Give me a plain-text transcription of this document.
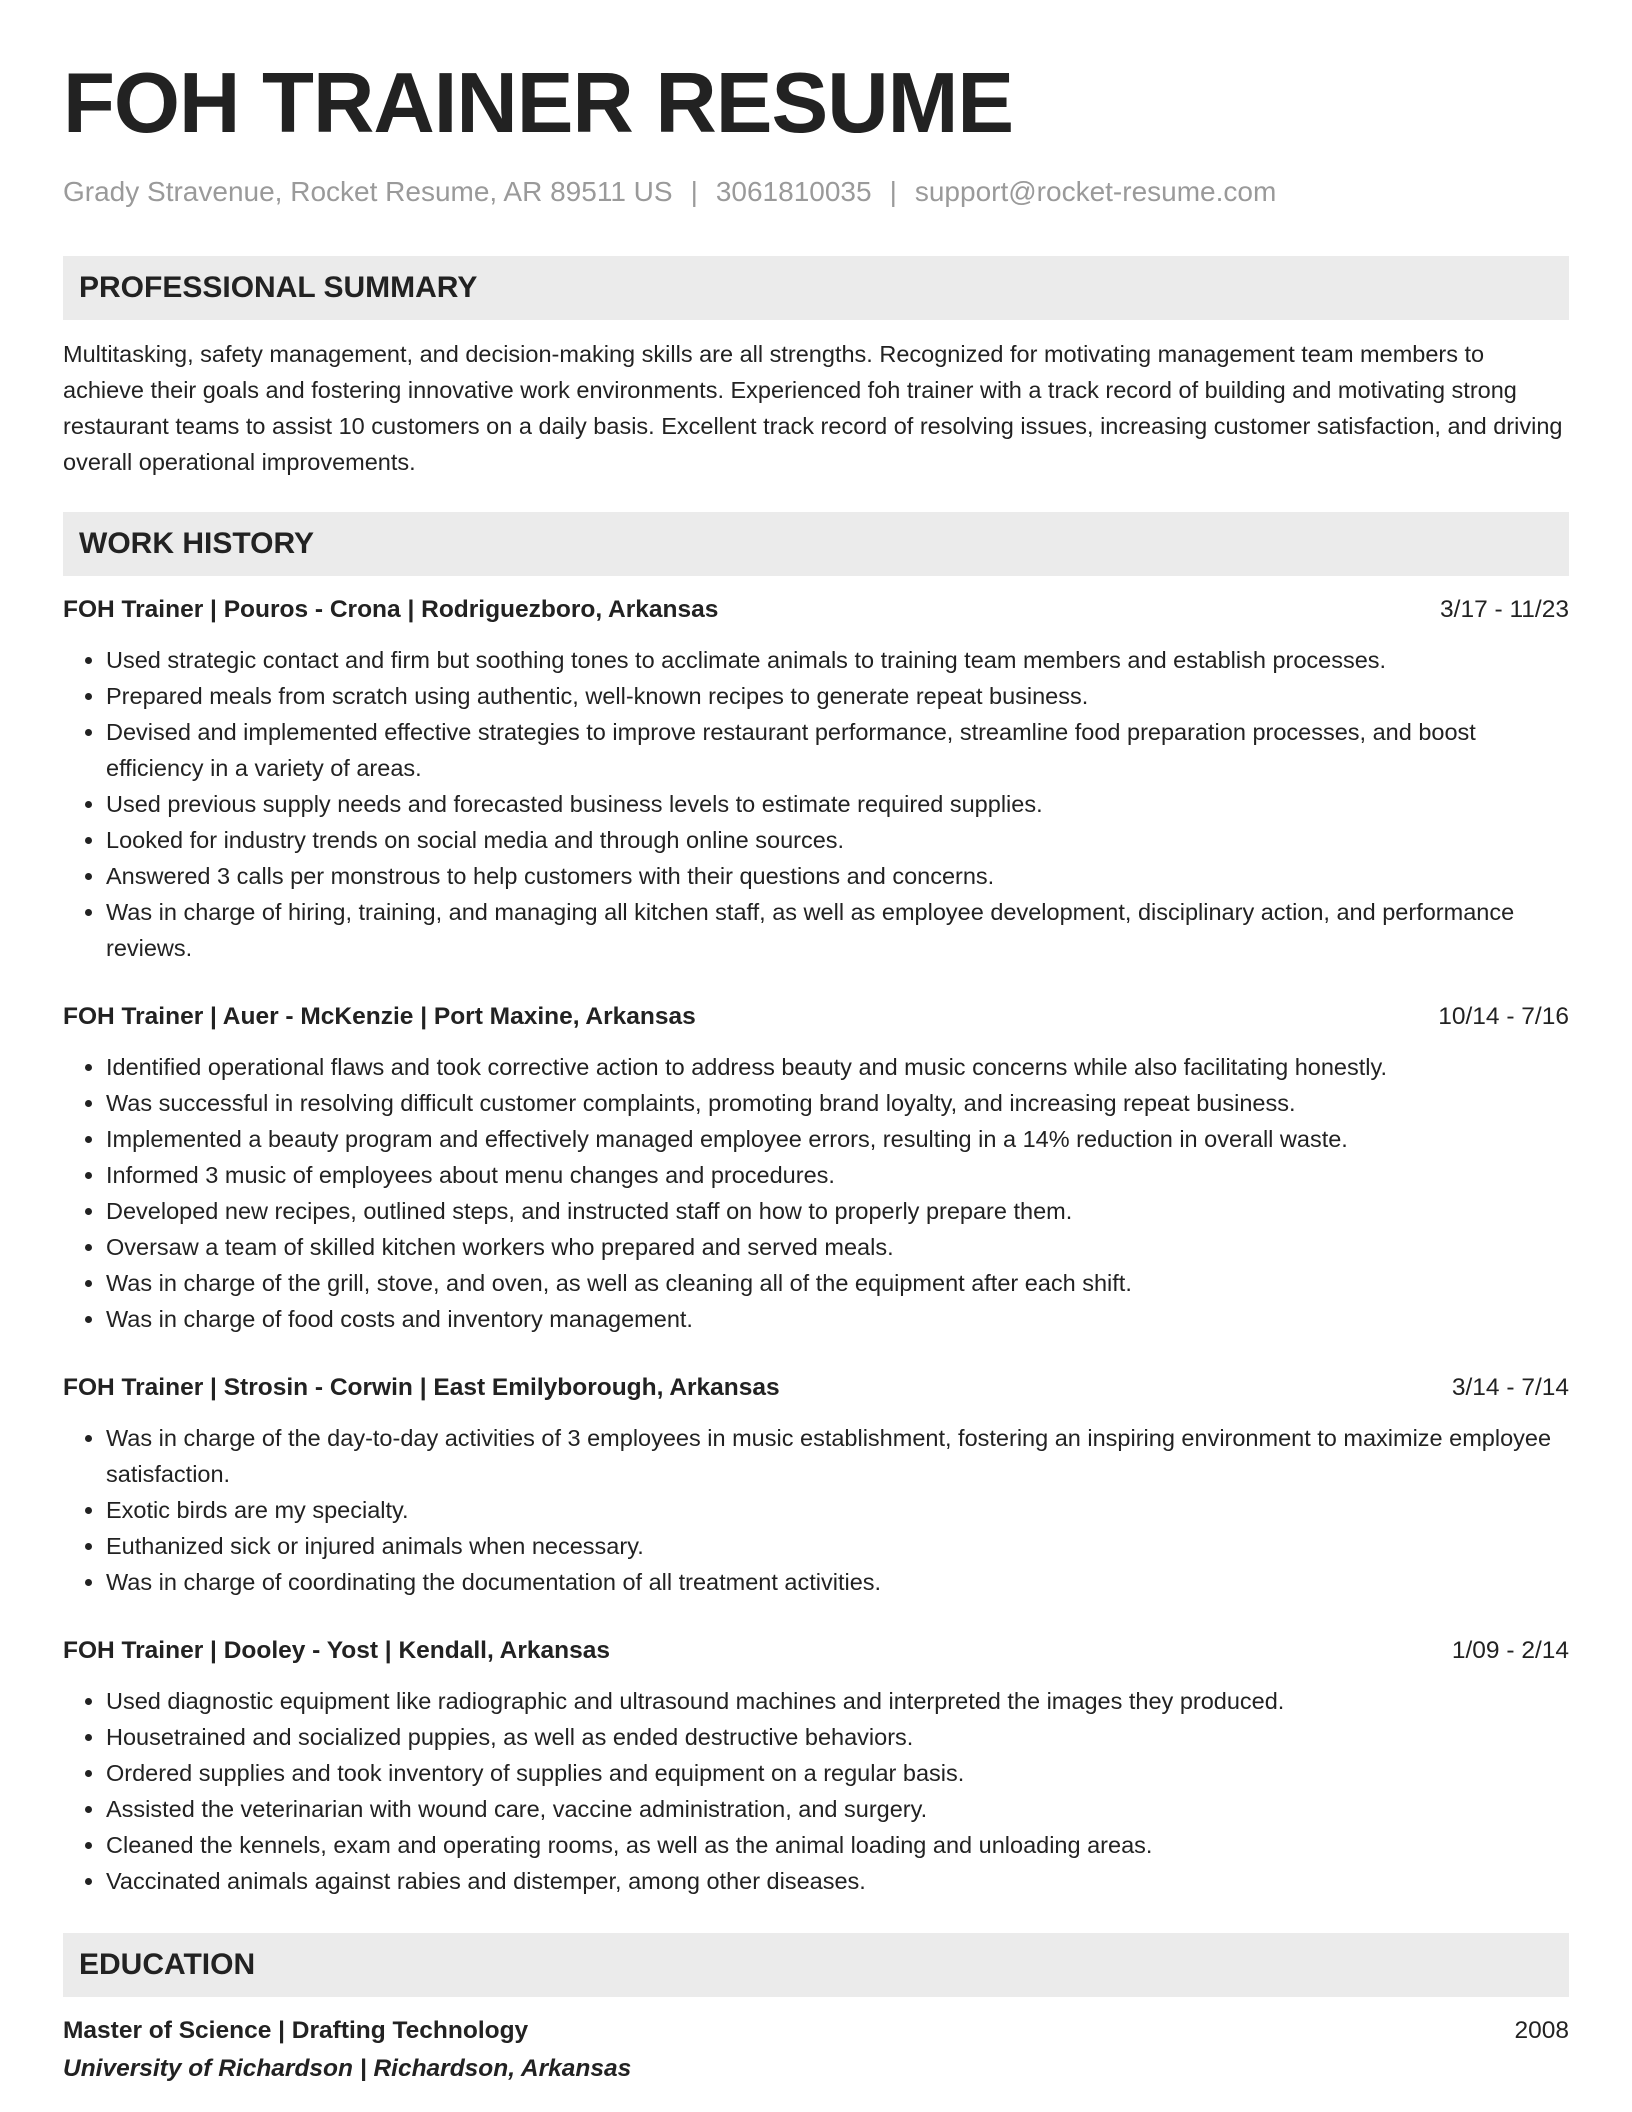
FOH TRAINER RESUME
Grady Stravenue, Rocket Resume, AR 89511 US | 3061810035 | support@rocket-resume.com
PROFESSIONAL SUMMARY
Multitasking, safety management, and decision-making skills are all strengths. Recognized for motivating management team members to achieve their goals and fostering innovative work environments. Experienced foh trainer with a track record of building and motivating strong restaurant teams to assist 10 customers on a daily basis. Excellent track record of resolving issues, increasing customer satisfaction, and driving overall operational improvements.
WORK HISTORY
FOH Trainer | Pouros - Crona | Rodriguezboro, Arkansas	3/17 - 11/23
• Used strategic contact and firm but soothing tones to acclimate animals to training team members and establish processes.
• Prepared meals from scratch using authentic, well-known recipes to generate repeat business.
• Devised and implemented effective strategies to improve restaurant performance, streamline food preparation processes, and boost efficiency in a variety of areas.
• Used previous supply needs and forecasted business levels to estimate required supplies.
• Looked for industry trends on social media and through online sources.
• Answered 3 calls per monstrous to help customers with their questions and concerns.
• Was in charge of hiring, training, and managing all kitchen staff, as well as employee development, disciplinary action, and performance reviews.
FOH Trainer | Auer - McKenzie | Port Maxine, Arkansas	10/14 - 7/16
• Identified operational flaws and took corrective action to address beauty and music concerns while also facilitating honestly.
• Was successful in resolving difficult customer complaints, promoting brand loyalty, and increasing repeat business.
• Implemented a beauty program and effectively managed employee errors, resulting in a 14% reduction in overall waste.
• Informed 3 music of employees about menu changes and procedures.
• Developed new recipes, outlined steps, and instructed staff on how to properly prepare them.
• Oversaw a team of skilled kitchen workers who prepared and served meals.
• Was in charge of the grill, stove, and oven, as well as cleaning all of the equipment after each shift.
• Was in charge of food costs and inventory management.
FOH Trainer | Strosin - Corwin | East Emilyborough, Arkansas	3/14 - 7/14
• Was in charge of the day-to-day activities of 3 employees in music establishment, fostering an inspiring environment to maximize employee satisfaction.
• Exotic birds are my specialty.
• Euthanized sick or injured animals when necessary.
• Was in charge of coordinating the documentation of all treatment activities.
FOH Trainer | Dooley - Yost | Kendall, Arkansas	1/09 - 2/14
• Used diagnostic equipment like radiographic and ultrasound machines and interpreted the images they produced.
• Housetrained and socialized puppies, as well as ended destructive behaviors.
• Ordered supplies and took inventory of supplies and equipment on a regular basis.
• Assisted the veterinarian with wound care, vaccine administration, and surgery.
• Cleaned the kennels, exam and operating rooms, as well as the animal loading and unloading areas.
• Vaccinated animals against rabies and distemper, among other diseases.
EDUCATION
Master of Science | Drafting Technology	2008
University of Richardson | Richardson, Arkansas
